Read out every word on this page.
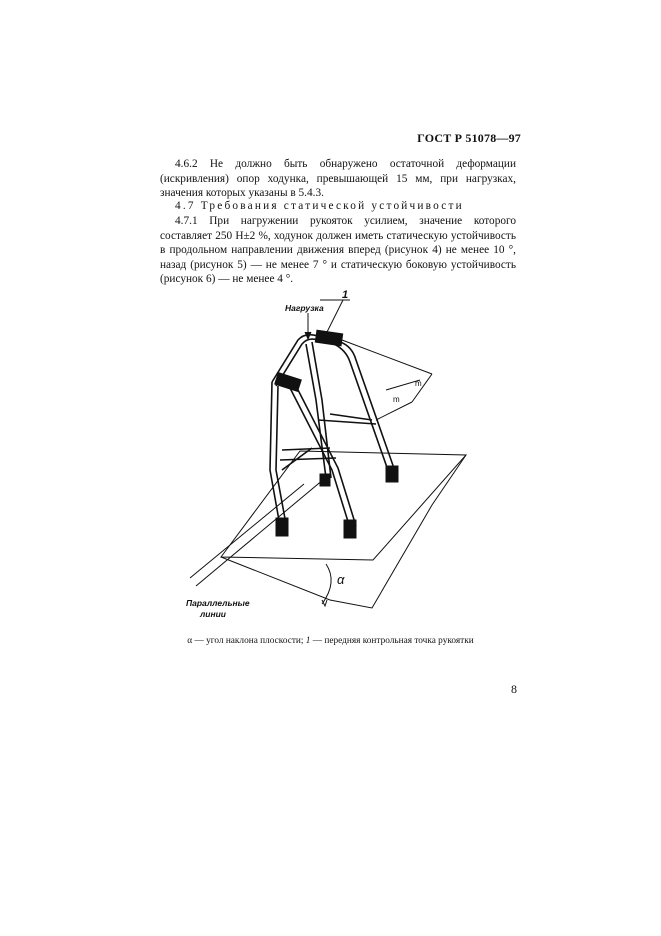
ГОСТ Р 51078—97

4.6.2 Не должно быть обнаружено остаточной деформации (искривления) опор ходунка, превышающей 15 мм, при нагрузках, значения которых указаны в 5.4.3.

4.7 Требования статической устойчивости

4.7.1 При нагружении рукояток усилием, значение которого составляет 250 Н±2 %, ходунок должен иметь статическую устойчивость в продольном направлении движения вперед (рисунок 4) не менее 10 °, назад (рисунок 5) — не менее 7 ° и статическую боковую устойчивость (рисунок 6) — не менее 4 °.

m
m
Нагрузка
1
α
Параллельные
линии
α — угол наклона плоскости; 1 — передняя контрольная точка рукоятки
8
